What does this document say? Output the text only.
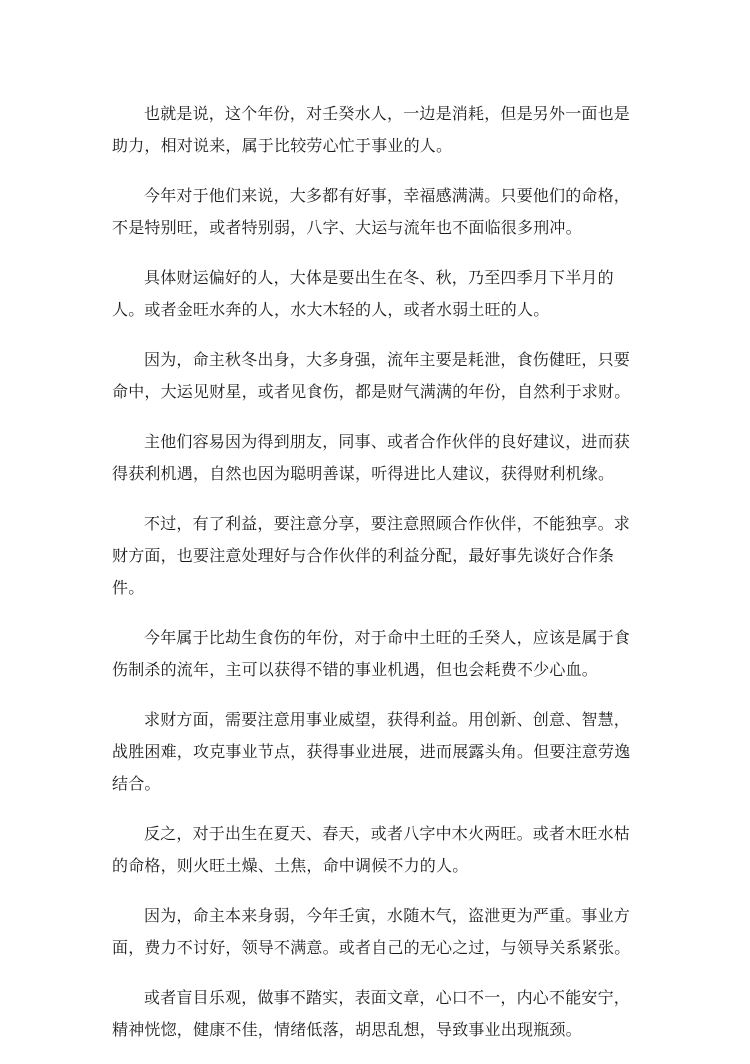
也就是说，这个年份，对壬癸水人，一边是消耗，但是另外一面也是助力，相对说来，属于比较劳心忙于事业的人。

今年对于他们来说，大多都有好事，幸福感满满。只要他们的命格，不是特别旺，或者特别弱，八字、大运与流年也不面临很多刑冲。

具体财运偏好的人，大体是要出生在冬、秋，乃至四季月下半月的人。或者金旺水奔的人，水大木轻的人，或者水弱土旺的人。

因为，命主秋冬出身，大多身强，流年主要是耗泄，食伤健旺，只要命中，大运见财星，或者见食伤，都是财气满满的年份，自然利于求财。

主他们容易因为得到朋友，同事、或者合作伙伴的良好建议，进而获得获利机遇，自然也因为聪明善谋，听得进比人建议，获得财利机缘。

不过，有了利益，要注意分享，要注意照顾合作伙伴，不能独享。求财方面，也要注意处理好与合作伙伴的利益分配，最好事先谈好合作条件。

今年属于比劫生食伤的年份，对于命中土旺的壬癸人，应该是属于食伤制杀的流年，主可以获得不错的事业机遇，但也会耗费不少心血。

求财方面，需要注意用事业威望，获得利益。用创新、创意、智慧，战胜困难，攻克事业节点，获得事业进展，进而展露头角。但要注意劳逸结合。

反之，对于出生在夏天、春天，或者八字中木火两旺。或者木旺水枯的命格，则火旺土燥、土焦，命中调候不力的人。

因为，命主本来身弱，今年壬寅，水随木气，盗泄更为严重。事业方面，费力不讨好，领导不满意。或者自己的无心之过，与领导关系紧张。

或者盲目乐观，做事不踏实，表面文章，心口不一，内心不能安宁，精神恍惚，健康不佳，情绪低落，胡思乱想，导致事业出现瓶颈。
